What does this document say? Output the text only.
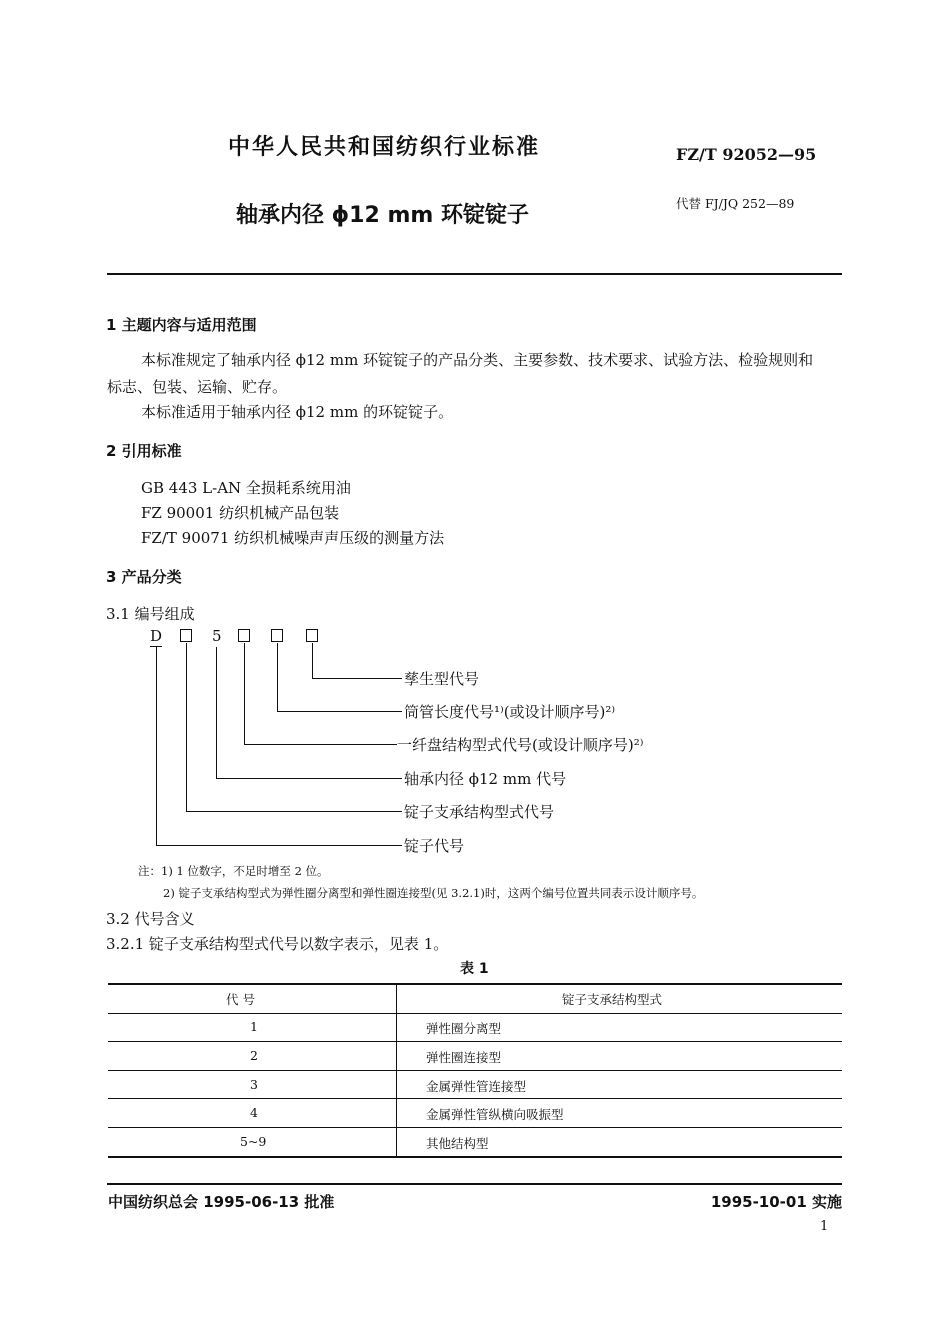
中华人民共和国纺织行业标准	FZ/T 92052—95
轴承内径 ϕ12 mm 环锭锭子	代替 FJ/JQ 252—89
1 主题内容与适用范围
本标准规定了轴承内径 ϕ12 mm 环锭锭子的产品分类、主要参数、技术要求、试验方法、检验规则和
标志、包装、运输、贮存。
本标准适用于轴承内径 ϕ12 mm 的环锭锭子。
2 引用标准
GB 443 L-AN 全损耗系统用油
FZ 90001 纺织机械产品包装
FZ/T 90071 纺织机械噪声声压级的测量方法
3 产品分类
3.1 编号组成
D	5
孳生型代号
筒管长度代号¹⁾(或设计顺序号)²⁾
一纤盘结构型式代号(或设计顺序号)²⁾
轴承内径 ϕ12 mm 代号
锭子支承结构型式代号
锭子代号
注：1) 1 位数字，不足时增至 2 位。
2) 锭子支承结构型式为弹性圈分离型和弹性圈连接型(见 3.2.1)时，这两个编号位置共同表示设计顺序号。
3.2 代号含义
3.2.1 锭子支承结构型式代号以数字表示，见表 1。
表 1
代 号	锭子支承结构型式
1	弹性圈分离型
2	弹性圈连接型
3	金属弹性管连接型
4	金属弹性管纵横向吸振型
5~9	其他结构型
中国纺织总会 1995-06-13 批准	1995-10-01 实施
1
